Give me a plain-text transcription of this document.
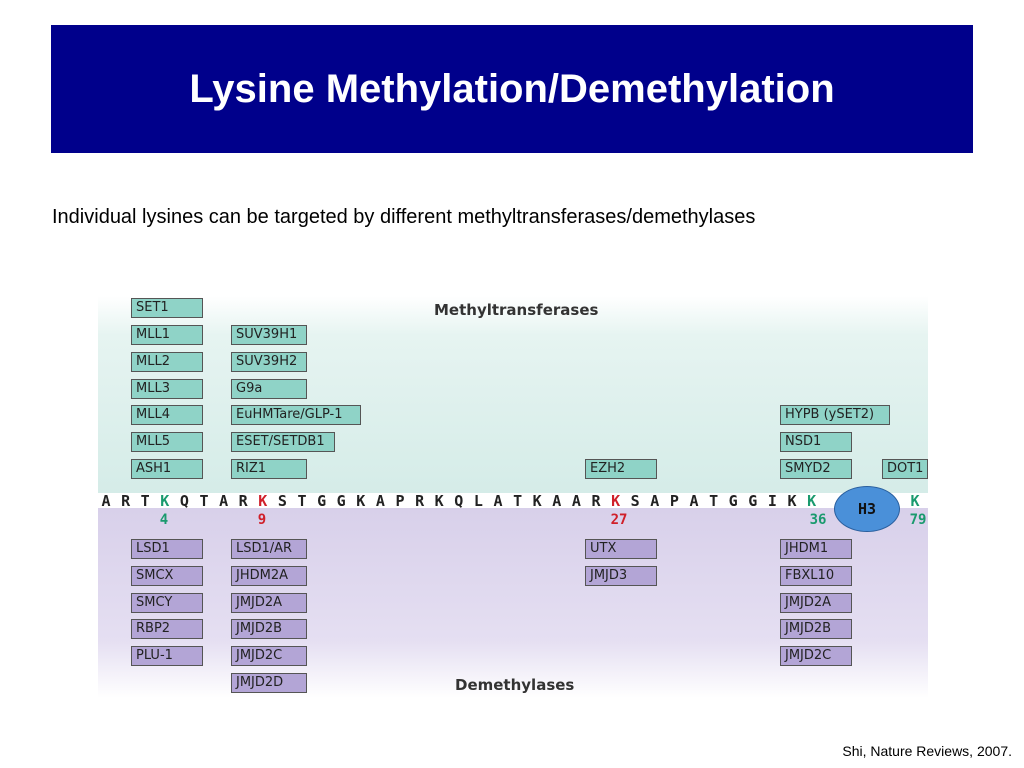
Lysine Methylation/Demethylation
Individual lysines can be targeted by different methyltransferases/demethylases
Methyltransferases
Demethylases
A R T K Q T A R K S T G G K A P R K Q L A T K A A R K S A P A T G G I K K	K
H3
4	9	27	36	79
SET1
MLL1
MLL2
MLL3
MLL4
MLL5
ASH1
SUV39H1
SUV39H2
G9a
EuHMTare/GLP-1
ESET/SETDB1
RIZ1	EZH2
HYPB (ySET2)
NSD1
SMYD2	DOT1
LSD1
SMCX
SMCY
RBP2
PLU-1
LSD1/AR
JHDM2A
JMJD2A
JMJD2B
JMJD2C
JMJD2D
UTX
JMJD3
JHDM1
FBXL10
JMJD2A
JMJD2B
JMJD2C
Shi, Nature Reviews, 2007.
